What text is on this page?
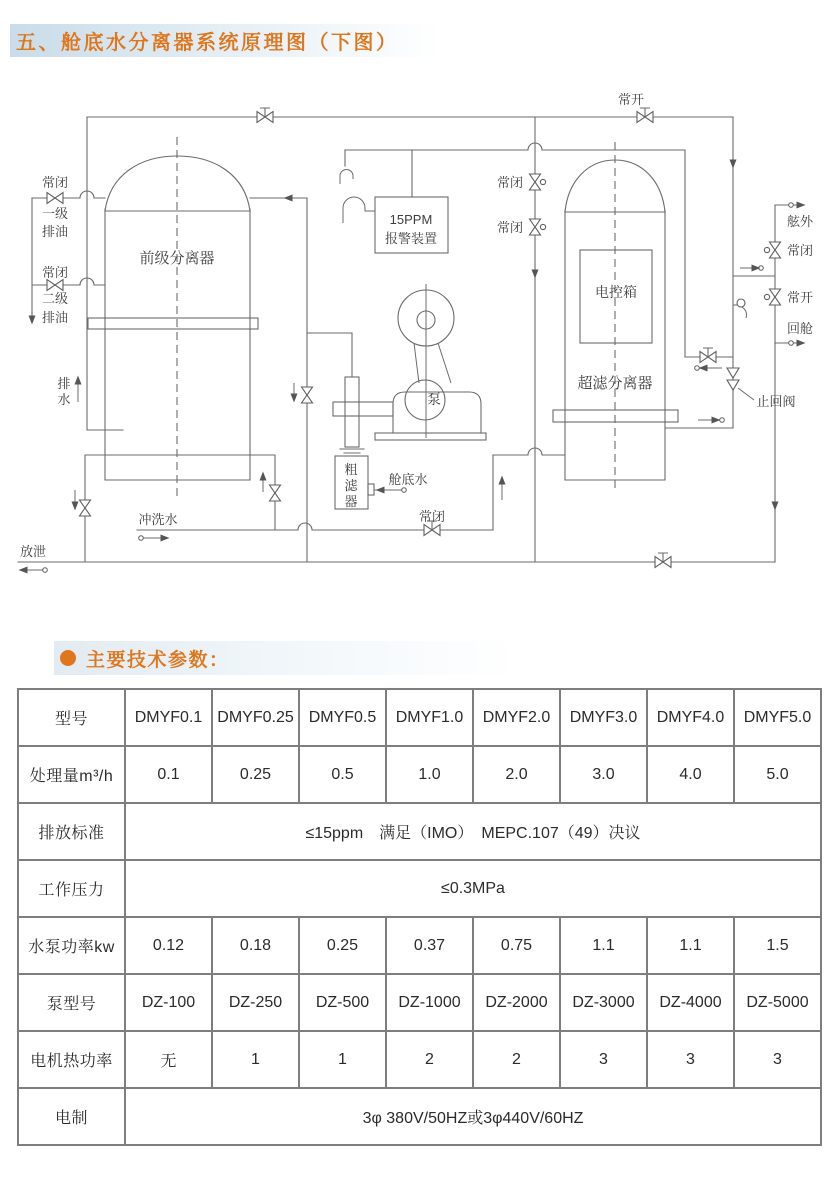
五、舱底水分离器系统原理图（下图）
常闭
一级
排油
常闭
二级
排油
排
水
前级分离器
常闭
常闭
常开
15PPM
报警装置
电控箱
超滤分离器
泵
粗
滤
器
舱底水
常闭
冲洗水
放泄
舷外
常闭
常开
回舱
止回阀
主要技术参数：
型号	DMYF0.1	DMYF0.25	DMYF0.5	DMYF1.0	DMYF2.0	DMYF3.0	DMYF4.0	DMYF5.0
处理量m³/h	0.1	0.25	0.5	1.0	2.0	3.0	4.0	5.0
排放标准	≤15ppm　满足（IMO）　MEPC.107（49）决议							
工作压力	≤0.3MPa							
水泵功率kw	0.12	0.18	0.25	0.37	0.75	1.1	1.1	1.5
泵型号	DZ-100	DZ-250	DZ-500	DZ-1000	DZ-2000	DZ-3000	DZ-4000	DZ-5000
电机热功率	无	1	1	2	2	3	3	3
电制	3φ 380V/50HZ或3φ440V/60HZ							
